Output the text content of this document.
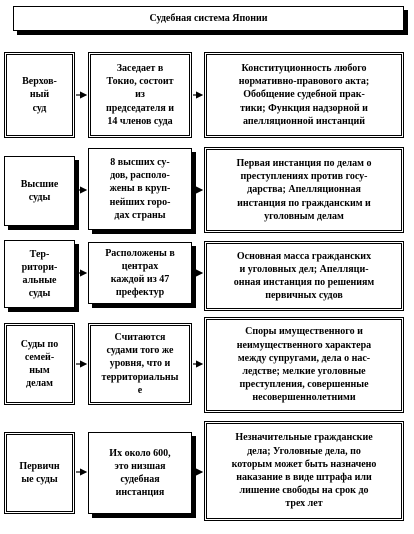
Судебная система Японии
Верхов-
ный
суд
Заседает в
Токио, состоит
из
председателя и
14 членов суда
Конституционность любого
нормативно-правового акта;
Обобщение судебной прак-
тики; Функция надзорной и
апелляционной инстанций
Высшие
суды
8 высших су-
дов, располо-
жены в круп-
нейших горо-
дах страны
Первая инстанция по делам о
преступлениях против госу-
дарства; Апелляционная
инстанция по гражданским и
уголовным делам
Тер-
ритори-
альные
суды
Расположены в
центрах
каждой из 47
префектур
Основная масса гражданских
и уголовных дел; Апелляци-
онная инстанция по решениям
первичных судов
Суды по
семей-
ным
делам
Считаются
судами того же
уровня, что и
территориальны
е
Споры имущественного и
неимущественного характера
между супругами, дела о нас-
ледстве; мелкие уголовные
преступления, совершенные
несовершеннолетними
Первичн
ые суды
Их около 600,
это низшая
судебная
инстанция
Незначительные гражданские
дела; Уголовные дела, по
которым может быть назначено
наказание в виде штрафа или
лишение свободы на срок до
трех лет
